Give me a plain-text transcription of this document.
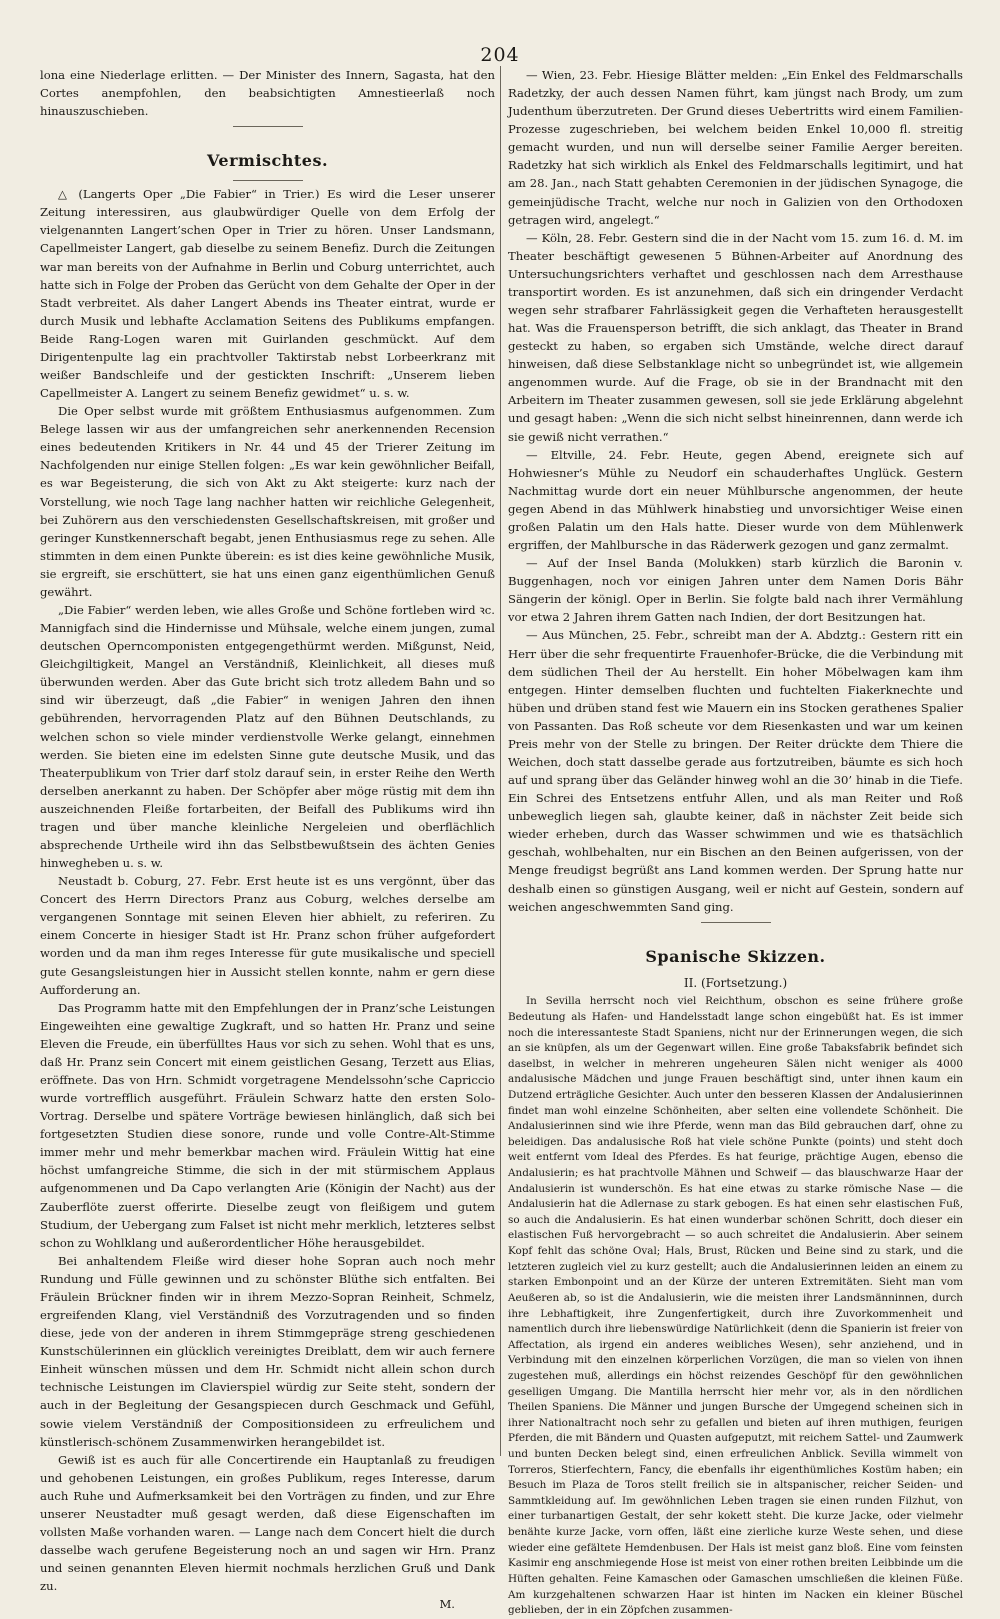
204

lona eine Niederlage erlitten. — Der Minister des Innern, Sagasta, hat den Cortes anempfohlen, den beabsichtigten Amnestieerlaß noch hinauszuschieben.

Vermischtes.

△ (Langerts Oper „Die Fabier“ in Trier.) Es wird die Leser unserer Zeitung interessiren, aus glaubwürdiger Quelle von dem Erfolg der vielgenannten Langert’schen Oper in Trier zu hören. Unser Landsmann, Capellmeister Langert, gab dieselbe zu seinem Benefiz. Durch die Zeitungen war man bereits von der Aufnahme in Berlin und Coburg unterrichtet, auch hatte sich in Folge der Proben das Gerücht von dem Gehalte der Oper in der Stadt verbreitet. Als daher Langert Abends ins Theater eintrat, wurde er durch Musik und lebhafte Acclamation Seitens des Publikums empfangen. Beide Rang-Logen waren mit Guirlanden geschmückt. Auf dem Dirigentenpulte lag ein prachtvoller Taktirstab nebst Lorbeerkranz mit weißer Bandschleife und der gestickten Inschrift: „Unserem lieben Capellmeister A. Langert zu seinem Benefiz gewidmet“ u. s. w.

Die Oper selbst wurde mit größtem Enthusiasmus aufgenommen. Zum Belege lassen wir aus der umfangreichen sehr anerkennenden Recension eines bedeutenden Kritikers in Nr. 44 und 45 der Trierer Zeitung im Nachfolgenden nur einige Stellen folgen: „Es war kein gewöhnlicher Beifall, es war Begeisterung, die sich von Akt zu Akt steigerte: kurz nach der Vorstellung, wie noch Tage lang nachher hatten wir reichliche Gelegenheit, bei Zuhörern aus den verschiedensten Gesellschaftskreisen, mit großer und geringer Kunstkennerschaft begabt, jenen Enthusiasmus rege zu sehen. Alle stimmten in dem einen Punkte überein: es ist dies keine gewöhnliche Musik, sie ergreift, sie erschüttert, sie hat uns einen ganz eigenthümlichen Genuß gewährt.

„Die Fabier“ werden leben, wie alles Große und Schöne fortleben wird ꝛc. Mannigfach sind die Hindernisse und Mühsale, welche einem jungen, zumal deutschen Operncomponisten entgegengethürmt werden. Mißgunst, Neid, Gleichgiltigkeit, Mangel an Verständniß, Kleinlichkeit, all dieses muß überwunden werden. Aber das Gute bricht sich trotz alledem Bahn und so sind wir überzeugt, daß „die Fabier“ in wenigen Jahren den ihnen gebührenden, hervorragenden Platz auf den Bühnen Deutschlands, zu welchen schon so viele minder verdienstvolle Werke gelangt, einnehmen werden. Sie bieten eine im edelsten Sinne gute deutsche Musik, und das Theaterpublikum von Trier darf stolz darauf sein, in erster Reihe den Werth derselben anerkannt zu haben. Der Schöpfer aber möge rüstig mit dem ihn auszeichnenden Fleiße fortarbeiten, der Beifall des Publikums wird ihn tragen und über manche kleinliche Nergeleien und oberflächlich absprechende Urtheile wird ihn das Selbstbewußtsein des ächten Genies hinwegheben u. s. w.

Neustadt b. Coburg, 27. Febr. Erst heute ist es uns vergönnt, über das Concert des Herrn Directors Pranz aus Coburg, welches derselbe am vergangenen Sonntage mit seinen Eleven hier abhielt, zu referiren. Zu einem Concerte in hiesiger Stadt ist Hr. Pranz schon früher aufgefordert worden und da man ihm reges Interesse für gute musikalische und speciell gute Gesangsleistungen hier in Aussicht stellen konnte, nahm er gern diese Aufforderung an.

Das Programm hatte mit den Empfehlungen der in Pranz’sche Leistungen Eingeweihten eine gewaltige Zugkraft, und so hatten Hr. Pranz und seine Eleven die Freude, ein überfülltes Haus vor sich zu sehen. Wohl that es uns, daß Hr. Pranz sein Concert mit einem geistlichen Gesang, Terzett aus Elias, eröffnete. Das von Hrn. Schmidt vorgetragene Mendelssohn’sche Capriccio wurde vortrefflich ausgeführt. Fräulein Schwarz hatte den ersten Solo-Vortrag. Derselbe und spätere Vorträge bewiesen hinlänglich, daß sich bei fortgesetzten Studien diese sonore, runde und volle Contre-Alt-Stimme immer mehr und mehr bemerkbar machen wird. Fräulein Wittig hat eine höchst umfangreiche Stimme, die sich in der mit stürmischem Applaus aufgenommenen und Da Capo verlangten Arie (Königin der Nacht) aus der Zauberflöte zuerst offerirte. Dieselbe zeugt von fleißigem und gutem Studium, der Uebergang zum Falset ist nicht mehr merklich, letzteres selbst schon zu Wohlklang und außerordentlicher Höhe herausgebildet.

Bei anhaltendem Fleiße wird dieser hohe Sopran auch noch mehr Rundung und Fülle gewinnen und zu schönster Blüthe sich entfalten. Bei Fräulein Brückner finden wir in ihrem Mezzo-Sopran Reinheit, Schmelz, ergreifenden Klang, viel Verständniß des Vorzutragenden und so finden diese, jede von der anderen in ihrem Stimmgepräge streng geschiedenen Kunstschülerinnen ein glücklich vereinigtes Dreiblatt, dem wir auch fernere Einheit wünschen müssen und dem Hr. Schmidt nicht allein schon durch technische Leistungen im Clavierspiel würdig zur Seite steht, sondern der auch in der Begleitung der Gesangspiecen durch Geschmack und Gefühl, sowie vielem Verständniß der Compositionsideen zu erfreulichem und künstlerisch-schönem Zusammenwirken herangebildet ist.

Gewiß ist es auch für alle Concertirende ein Hauptanlaß zu freudigen und gehobenen Leistungen, ein großes Publikum, reges Interesse, darum auch Ruhe und Aufmerksamkeit bei den Vorträgen zu finden, und zur Ehre unserer Neustadter muß gesagt werden, daß diese Eigenschaften im vollsten Maße vorhanden waren. — Lange nach dem Concert hielt die durch dasselbe wach gerufene Begeisterung noch an und sagen wir Hrn. Pranz und seinen genannten Eleven hiermit nochmals herzlichen Gruß und Dank zu.

M.

— Wien, 23. Febr. Hiesige Blätter melden: „Ein Enkel des Feldmarschalls Radetzky, der auch dessen Namen führt, kam jüngst nach Brody, um zum Judenthum überzutreten. Der Grund dieses Uebertritts wird einem Familien-Prozesse zugeschrieben, bei welchem beiden Enkel 10,000 fl. streitig gemacht wurden, und nun will derselbe seiner Familie Aerger bereiten. Radetzky hat sich wirklich als Enkel des Feldmarschalls legitimirt, und hat am 28. Jan., nach Statt gehabten Ceremonien in der jüdischen Synagoge, die gemeinjüdische Tracht, welche nur noch in Galizien von den Orthodoxen getragen wird, angelegt.“

— Köln, 28. Febr. Gestern sind die in der Nacht vom 15. zum 16. d. M. im Theater beschäftigt gewesenen 5 Bühnen-Arbeiter auf Anordnung des Untersuchungsrichters verhaftet und geschlossen nach dem Arresthause transportirt worden. Es ist anzunehmen, daß sich ein dringender Verdacht wegen sehr strafbarer Fahrlässigkeit gegen die Verhafteten herausgestellt hat. Was die Frauensperson betrifft, die sich anklagt, das Theater in Brand gesteckt zu haben, so ergaben sich Umstände, welche direct darauf hinweisen, daß diese Selbstanklage nicht so unbegründet ist, wie allgemein angenommen wurde. Auf die Frage, ob sie in der Brandnacht mit den Arbeitern im Theater zusammen gewesen, soll sie jede Erklärung abgelehnt und gesagt haben: „Wenn die sich nicht selbst hineinrennen, dann werde ich sie gewiß nicht verrathen.“

— Eltville, 24. Febr. Heute, gegen Abend, ereignete sich auf Hohwiesner’s Mühle zu Neudorf ein schauderhaftes Unglück. Gestern Nachmittag wurde dort ein neuer Mühlbursche angenommen, der heute gegen Abend in das Mühlwerk hinabstieg und unvorsichtiger Weise einen großen Palatin um den Hals hatte. Dieser wurde von dem Mühlenwerk ergriffen, der Mahlbursche in das Räderwerk gezogen und ganz zermalmt.

— Auf der Insel Banda (Molukken) starb kürzlich die Baronin v. Buggenhagen, noch vor einigen Jahren unter dem Namen Doris Bähr Sängerin der königl. Oper in Berlin. Sie folgte bald nach ihrer Vermählung vor etwa 2 Jahren ihrem Gatten nach Indien, der dort Besitzungen hat.

— Aus München, 25. Febr., schreibt man der A. Abdztg.: Gestern ritt ein Herr über die sehr frequentirte Frauenhofer-Brücke, die die Verbindung mit dem südlichen Theil der Au herstellt. Ein hoher Möbelwagen kam ihm entgegen. Hinter demselben fluchten und fuchtelten Fiakerknechte und hüben und drüben stand fest wie Mauern ein ins Stocken gerathenes Spalier von Passanten. Das Roß scheute vor dem Riesenkasten und war um keinen Preis mehr von der Stelle zu bringen. Der Reiter drückte dem Thiere die Weichen, doch statt dasselbe gerade aus fortzutreiben, bäumte es sich hoch auf und sprang über das Geländer hinweg wohl an die 30’ hinab in die Tiefe. Ein Schrei des Entsetzens entfuhr Allen, und als man Reiter und Roß unbeweglich liegen sah, glaubte keiner, daß in nächster Zeit beide sich wieder erheben, durch das Wasser schwimmen und wie es thatsächlich geschah, wohlbehalten, nur ein Bischen an den Beinen aufgerissen, von der Menge freudigst begrüßt ans Land kommen werden. Der Sprung hatte nur deshalb einen so günstigen Ausgang, weil er nicht auf Gestein, sondern auf weichen angeschwemmten Sand ging.

Spanische Skizzen.
II. (Fortsetzung.)

In Sevilla herrscht noch viel Reichthum, obschon es seine frühere große Bedeutung als Hafen- und Handelsstadt lange schon eingebüßt hat. Es ist immer noch die interessanteste Stadt Spaniens, nicht nur der Erinnerungen wegen, die sich an sie knüpfen, als um der Gegenwart willen. Eine große Tabaksfabrik befindet sich daselbst, in welcher in mehreren ungeheuren Sälen nicht weniger als 4000 andalusische Mädchen und junge Frauen beschäftigt sind, unter ihnen kaum ein Dutzend erträgliche Gesichter. Auch unter den besseren Klassen der Andalusierinnen findet man wohl einzelne Schönheiten, aber selten eine vollendete Schönheit. Die Andalusierinnen sind wie ihre Pferde, wenn man das Bild gebrauchen darf, ohne zu beleidigen. Das andalusische Roß hat viele schöne Punkte (points) und steht doch weit entfernt vom Ideal des Pferdes. Es hat feurige, prächtige Augen, ebenso die Andalusierin; es hat prachtvolle Mähnen und Schweif — das blauschwarze Haar der Andalusierin ist wunderschön. Es hat eine etwas zu starke römische Nase — die Andalusierin hat die Adlernase zu stark gebogen. Es hat einen sehr elastischen Fuß, so auch die Andalusierin. Es hat einen wunderbar schönen Schritt, doch dieser ein elastischen Fuß hervorgebracht — so auch schreitet die Andalusierin. Aber seinem Kopf fehlt das schöne Oval; Hals, Brust, Rücken und Beine sind zu stark, und die letzteren zugleich viel zu kurz gestellt; auch die Andalusierinnen leiden an einem zu starken Embonpoint und an der Kürze der unteren Extremitäten. Sieht man vom Aeußeren ab, so ist die Andalusierin, wie die meisten ihrer Landsmänninnen, durch ihre Lebhaftigkeit, ihre Zungenfertigkeit, durch ihre Zuvorkommenheit und namentlich durch ihre liebenswürdige Natürlichkeit (denn die Spanierin ist freier von Affectation, als irgend ein anderes weibliches Wesen), sehr anziehend, und in Verbindung mit den einzelnen körperlichen Vorzügen, die man so vielen von ihnen zugestehen muß, allerdings ein höchst reizendes Geschöpf für den gewöhnlichen geselligen Umgang. Die Mantilla herrscht hier mehr vor, als in den nördlichen Theilen Spaniens. Die Männer und jungen Bursche der Umgegend scheinen sich in ihrer Nationaltracht noch sehr zu gefallen und bieten auf ihren muthigen, feurigen Pferden, die mit Bändern und Quasten aufgeputzt, mit reichem Sattel- und Zaumwerk und bunten Decken belegt sind, einen erfreulichen Anblick. Sevilla wimmelt von Torreros, Stierfechtern, Fancy, die ebenfalls ihr eigenthümliches Kostüm haben; ein Besuch im Plaza de Toros stellt freilich sie in altspanischer, reicher Seiden- und Sammtkleidung auf. Im gewöhnlichen Leben tragen sie einen runden Filzhut, von einer turbanartigen Gestalt, der sehr kokett steht. Die kurze Jacke, oder vielmehr benähte kurze Jacke, vorn offen, läßt eine zierliche kurze Weste sehen, und diese wieder eine gefältete Hemdenbusen. Der Hals ist meist ganz bloß. Eine vom feinsten Kasimir eng anschmiegende Hose ist meist von einer rothen breiten Leibbinde um die Hüften gehalten. Feine Kamaschen oder Gamaschen umschließen die kleinen Füße. Am kurzgehaltenen schwarzen Haar ist hinten im Nacken ein kleiner Büschel geblieben, der in ein Zöpfchen zusammen-
